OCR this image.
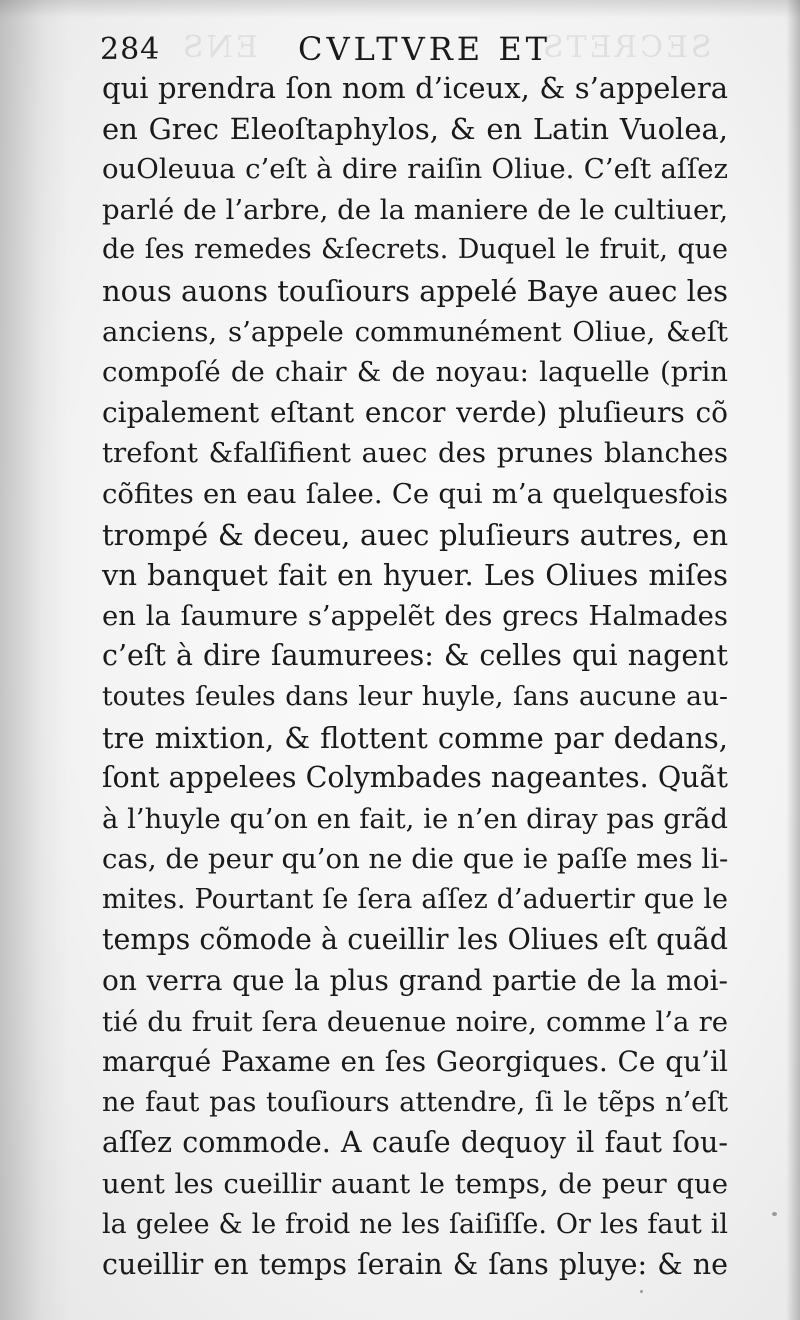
ENS	SECRETS
284	CVLTVRE ET
qui prendra ſon nom d’iceux, & s’appelera
en Grec Eleoſtaphylos, & en Latin Vuolea,
ouOleuua c’eſt à dire raiſin Oliue. C’eſt aſſez
parlé de l’arbre, de la maniere de le cultiuer,
de ſes remedes &ſecrets. Duquel le fruit, que
nous auons touſiours appelé Baye auec les
anciens, s’appele communément Oliue, &eſt
compoſé de chair & de noyau: laquelle (prin
cipalement eſtant encor verde) pluſieurs cõ
trefont &falſifient auec des prunes blanches
cõfites en eau ſalee. Ce qui m’a quelquesfois
trompé & deceu, auec pluſieurs autres, en
vn banquet fait en hyuer. Les Oliues miſes
en la ſaumure s’appelẽt des grecs Halmades
c’eſt à dire ſaumurees: & celles qui nagent
toutes ſeules dans leur huyle, ſans aucune au-
tre mixtion, & flottent comme par dedans,
ſont appelees Colymbades nageantes. Quãt
à l’huyle qu’on en fait, ie n’en diray pas grãd
cas, de peur qu’on ne die que ie paſſe mes li-
mites. Pourtant ſe ſera aſſez d’aduertir que le
temps cõmode à cueillir les Oliues eſt quãd
on verra que la plus grand partie de la moi-
tié du fruit ſera deuenue noire, comme l’a re
marqué Paxame en ſes Georgiques. Ce qu’il
ne faut pas touſiours attendre, ſi le tẽps n’eſt
aſſez commode. A cauſe dequoy il faut ſou-
uent les cueillir auant le temps, de peur que
la gelee & le froid ne les ſaiſiſſe. Or les faut il
cueillir en temps ſerain & ſans pluye: & ne
